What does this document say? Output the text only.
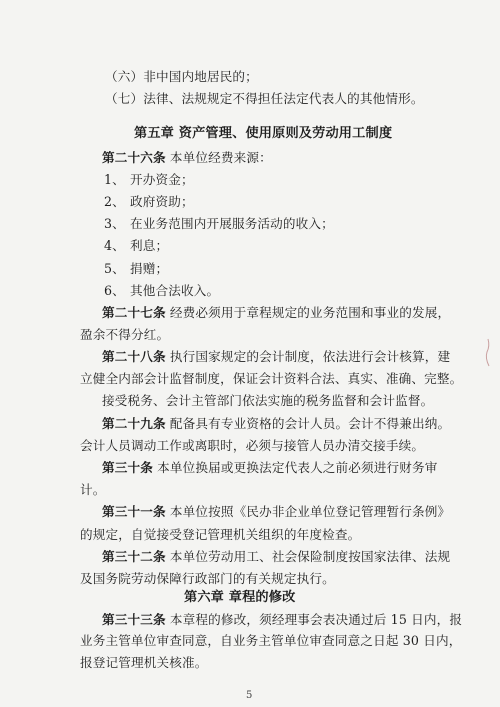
（六）非中国内地居民的；
（七）法律、法规规定不得担任法定代表人的其他情形。
第五章 资产管理、使用原则及劳动用工制度
第二十六条 本单位经费来源：
1、 开办资金；
2、 政府资助；
3、 在业务范围内开展服务活动的收入；
4、 利息；
5、 捐赠；
6、 其他合法收入。
第二十七条 经费必须用于章程规定的业务范围和事业的发展，
盈余不得分红。
第二十八条 执行国家规定的会计制度，依法进行会计核算，建
立健全内部会计监督制度，保证会计资料合法、真实、准确、完整。
接受税务、会计主管部门依法实施的税务监督和会计监督。
第二十九条 配备具有专业资格的会计人员。会计不得兼出纳。
会计人员调动工作或离职时，必须与接管人员办清交接手续。
第三十条 本单位换届或更换法定代表人之前必须进行财务审
计。
第三十一条 本单位按照《民办非企业单位登记管理暂行条例》
的规定，自觉接受登记管理机关组织的年度检查。
第三十二条 本单位劳动用工、社会保险制度按国家法律、法规
及国务院劳动保障行政部门的有关规定执行。
第六章 章程的修改
第三十三条 本章程的修改，须经理事会表决通过后 15 日内，报
业务主管单位审查同意，自业务主管单位审查同意之日起 30 日内，
报登记管理机关核准。
5
